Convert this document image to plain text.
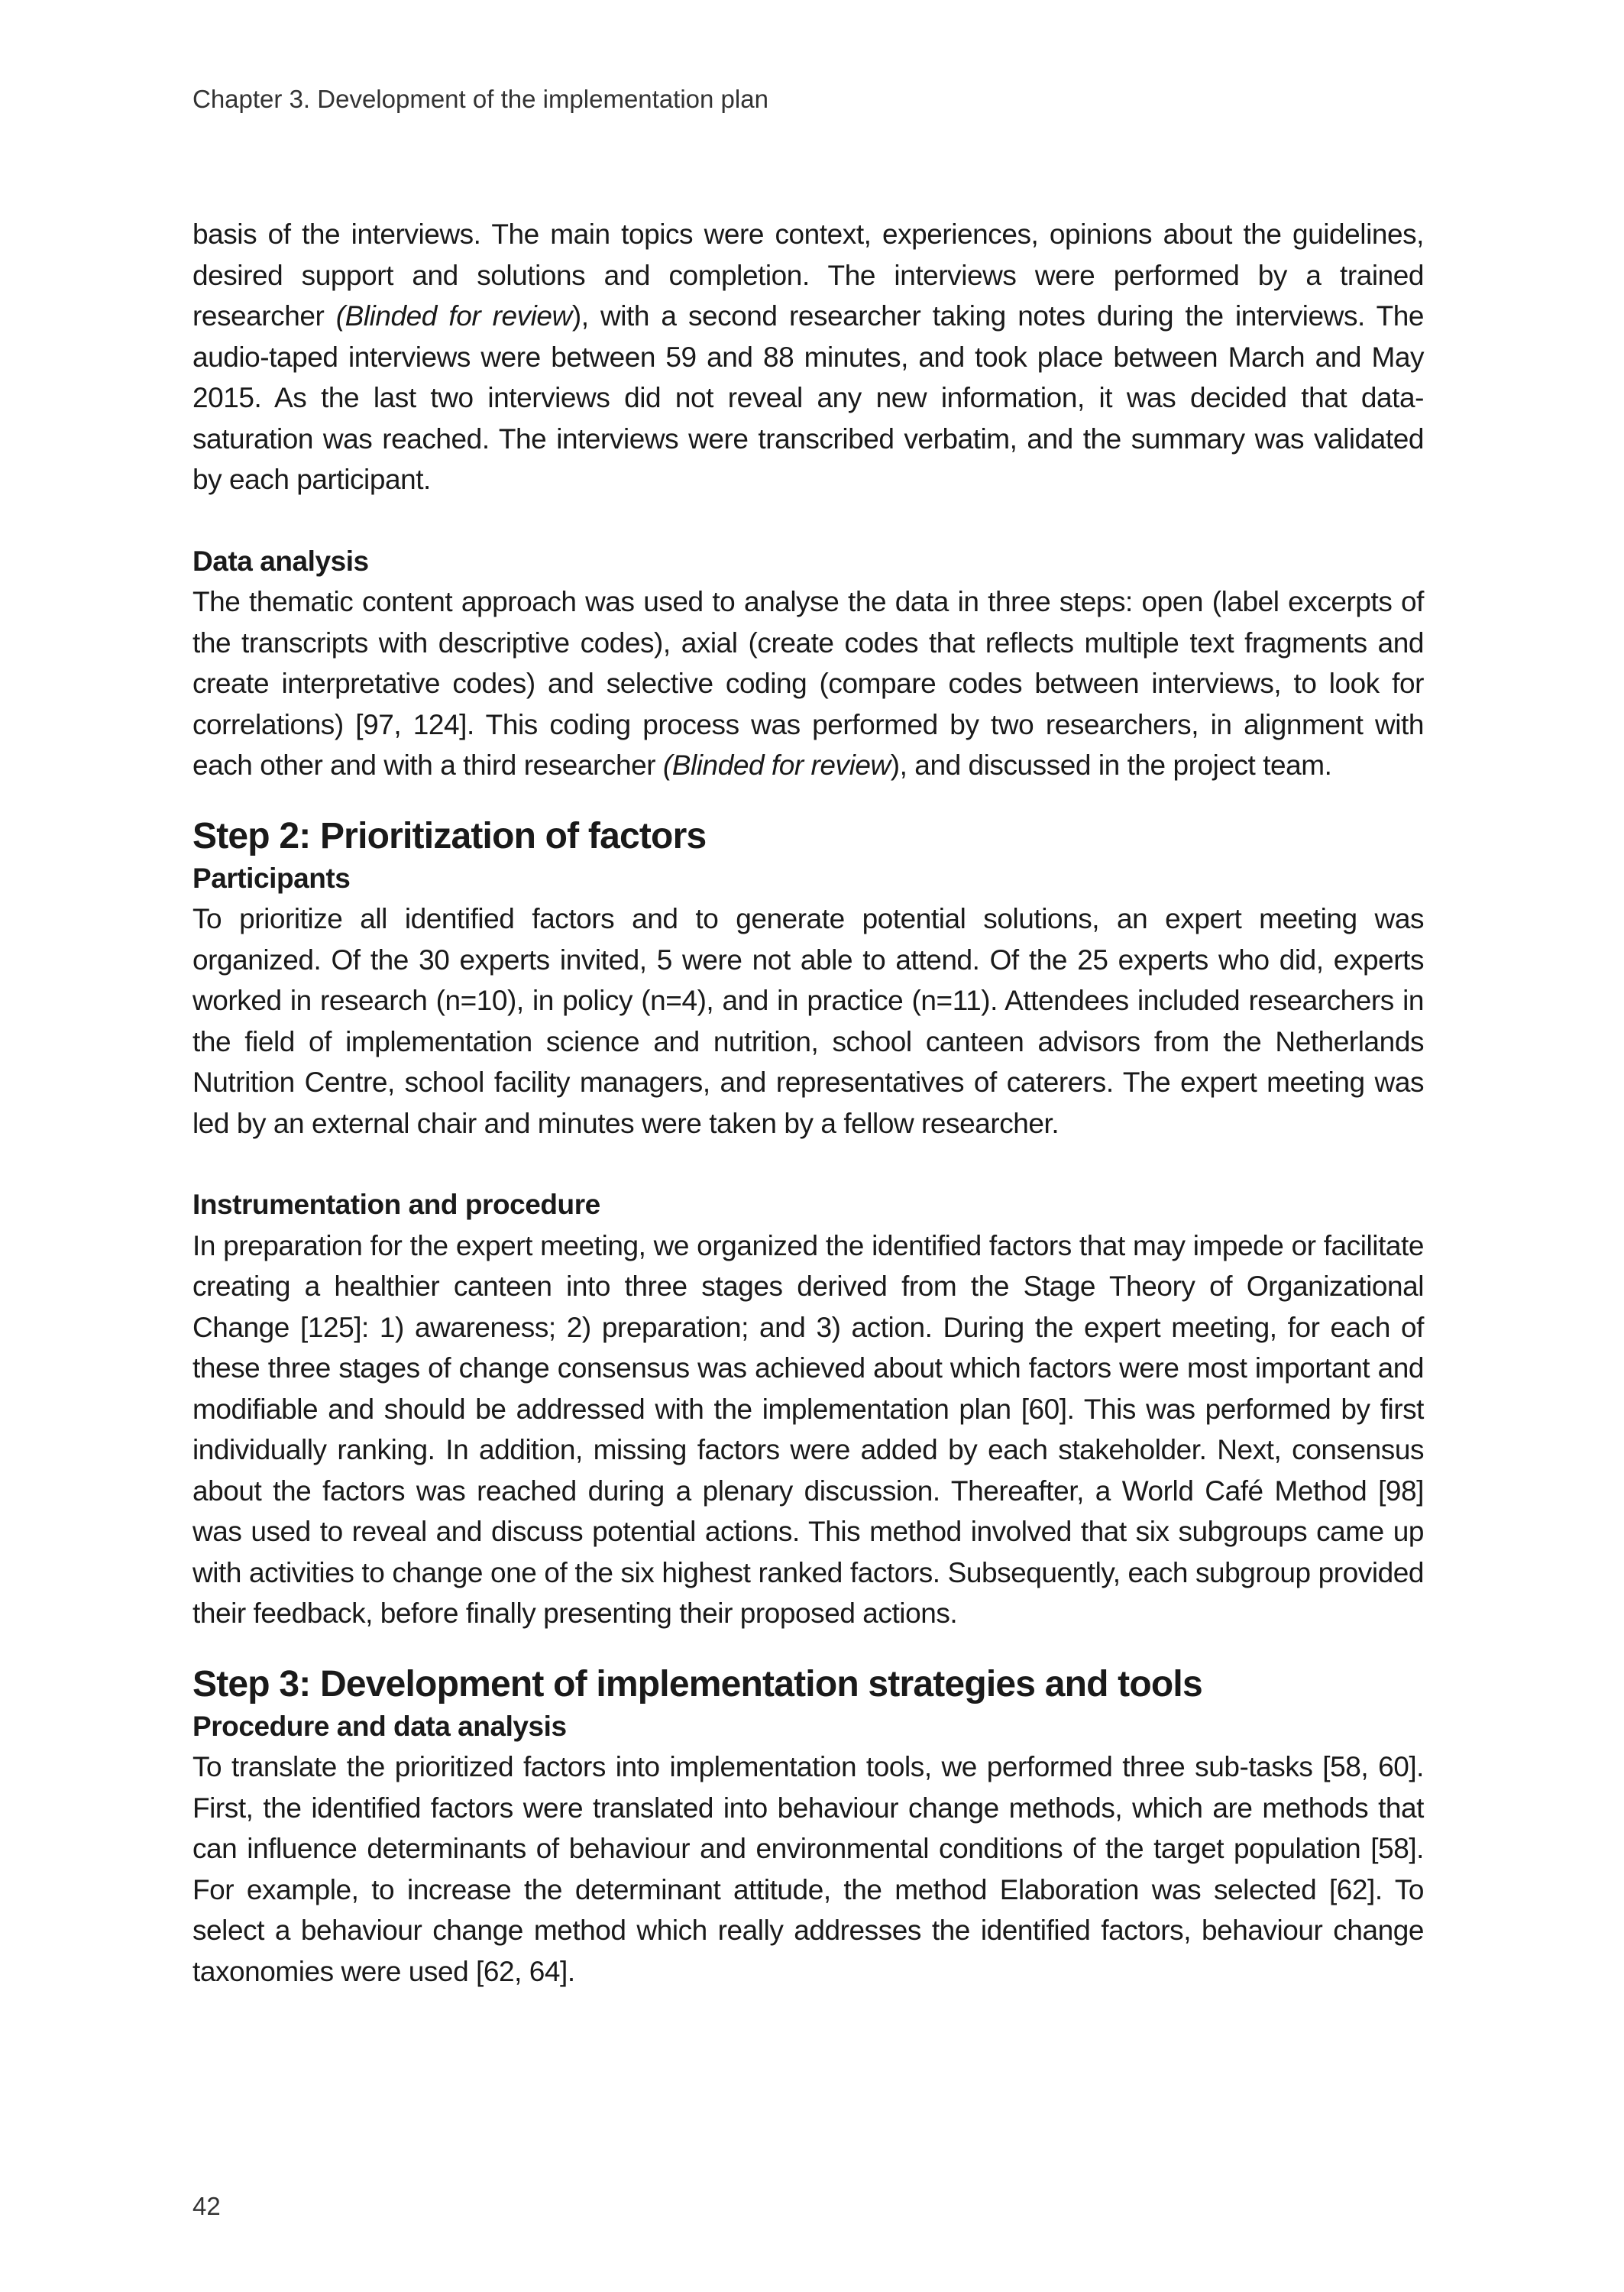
Chapter 3. Development of the implementation plan

basis of the interviews. The main topics were context, experiences, opinions about the guidelines, desired support and solutions and completion. The interviews were performed by a trained researcher (Blinded for review), with a second researcher taking notes during the interviews. The audio-taped interviews were between 59 and 88 minutes, and took place between March and May 2015. As the last two interviews did not reveal any new information, it was decided that data-saturation was reached. The interviews were transcribed verbatim, and the summary was validated by each participant.

Data analysis

The thematic content approach was used to analyse the data in three steps: open (label excerpts of the transcripts with descriptive codes), axial (create codes that reflects multiple text fragments and create interpretative codes) and selective coding (compare codes between interviews, to look for correlations) [97, 124]. This coding process was performed by two researchers, in alignment with each other and with a third researcher (Blinded for review), and discussed in the project team.

Step 2: Prioritization of factors
Participants

To prioritize all identified factors and to generate potential solutions, an expert meeting was organized. Of the 30 experts invited, 5 were not able to attend. Of the 25 experts who did, experts worked in research (n=10), in policy (n=4), and in practice (n=11). Attendees included researchers in the field of implementation science and nutrition, school canteen advisors from the Netherlands Nutrition Centre, school facility managers, and representatives of caterers. The expert meeting was led by an external chair and minutes were taken by a fellow researcher.

Instrumentation and procedure

In preparation for the expert meeting, we organized the identified factors that may impede or facilitate creating a healthier canteen into three stages derived from the Stage Theory of Organizational Change [125]: 1) awareness; 2) preparation; and 3) action. During the expert meeting, for each of these three stages of change consensus was achieved about which factors were most important and modifiable and should be addressed with the implementation plan [60]. This was performed by first individually ranking. In addition, missing factors were added by each stakeholder. Next, consensus about the factors was reached during a plenary discussion. Thereafter, a World Café Method [98] was used to reveal and discuss potential actions. This method involved that six subgroups came up with activities to change one of the six highest ranked factors. Subsequently, each subgroup provided their feedback, before finally presenting their proposed actions.

Step 3: Development of implementation strategies and tools
Procedure and data analysis

To translate the prioritized factors into implementation tools, we performed three sub-tasks [58, 60]. First, the identified factors were translated into behaviour change methods, which are methods that can influence determinants of behaviour and environmental conditions of the target population [58]. For example, to increase the determinant attitude, the method Elaboration was selected [62]. To select a behaviour change method which really addresses the identified factors, behaviour change taxonomies were used [62, 64].

42
